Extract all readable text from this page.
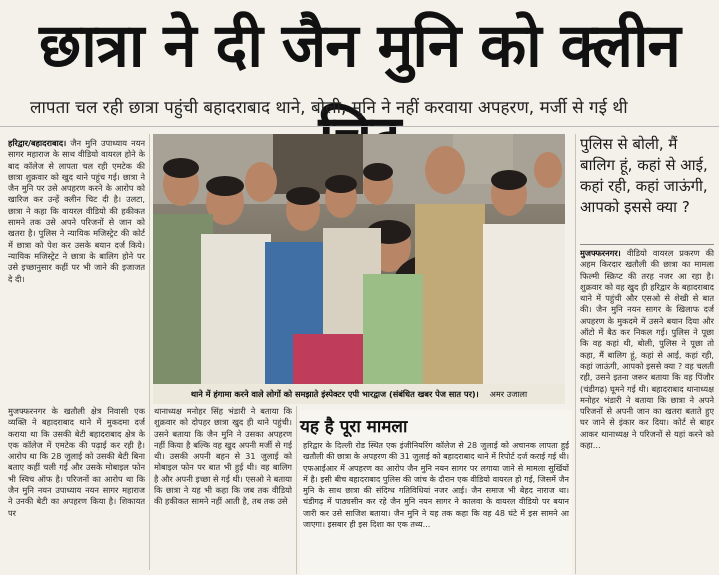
छात्रा ने दी जैन मुनि को क्लीन
लापता चल रही छात्रा पहुंची बहादराबाद थाने, बोली, मुनि ने नहीं करवाया अपहरण, मर्जी से गई थी
हरिद्वार/बहादराबाद। जैन मुनि उपाध्याय नयन सागर महाराज के साथ वीडियो वायरल होने के बाद कॉलेज से लापता चल रही एमटेक की छात्रा शुक्रवार को खुद थाने पहुंच गई। छात्रा ने जैन मुनि पर उसे अपहरण करने के आरोप को खारिज कर उन्हें क्लीन चिट दी है। उलटा, छात्रा ने कहा कि वायरल वीडियो की हकीकत सामने तक उसे अपने परिजनों से जान को खतरा है। पुलिस ने न्यायिक मजिस्ट्रेट की कोर्ट में छात्रा को पेश कर उसके बयान दर्ज किये। न्यायिक मजिस्ट्रेट ने छात्रा के बालिग होने पर उसे इच्छानुसार कहीं पर भी जाने की इजाजत दे दी।
थाने में हंगामा करने वाले लोगों को समझाते इंस्पेक्टर एपी भारद्वाज (संबंधित खबर पेज सात पर)। अमर उजाला
मुजफ्फरनगर के खतौली क्षेत्र निवासी एक व्यक्ति ने बहादराबाद थाने में मुकदमा दर्ज कराया था कि उसकी बेटी बहादराबाद क्षेत्र के एक कॉलेज में एमटेक की पढ़ाई कर रही है। आरोप था कि 28 जुलाई को उसकी बेटी बिना बताए कहीं चली गई और उसके मोबाइल फोन भी स्विच ऑफ है। परिजनों का आरोप था कि जैन मुनि नयन उपाध्याय नयन सागर महाराज ने उनकी बेटी का अपहरण किया है। शिकायत पर
थानाध्यक्ष मनोहर सिंह भंडारी ने बताया कि शुक्रवार को दोपहर छात्रा खुद ही थाने पहुंची। उसने बताया कि जैन मुनि ने उसका अपहरण नहीं किया है बल्कि वह खुद अपनी मर्जी से गई थी। उसकी अपनी बहन से 31 जुलाई को मोबाइल फोन पर बात भी हुई थी। वह बालिग है और अपनी इच्छा से गई थी। एसओ ने बताया कि छात्रा ने यह भी कहा कि जब तक वीडियो की हकीकत सामने नहीं आती है, तब तक उसे
यह है पूरा मामला
हरिद्वार के दिल्ली रोड स्थित एक इंजीनियरिंग कॉलेज से 28 जुलाई को अचानक लापता हुई खतौली की छात्रा के अपहरण की 31 जुलाई को बहादराबाद थाने में रिपोर्ट दर्ज कराई गई थी। एफआईआर में अपहरण का आरोप जैन मुनि नयन सागर पर लगाया जाने से मामला सुर्खियों में है। इसी बीच बहादराबाद पुलिस की जांच के दौरान एक वीडियो वायरल हो गई, जिसमें जैन मुनि के साथ छात्रा की संदिग्ध गतिविधियां नजर आई। जैन समाज भी बेहद नाराज था। चंडीगढ़ में पाठ्यसीन कर रहे जैन मुनि नयन सागर ने कालवा के वायरल वीडियो पर बयान जारी कर उसे साजिश बताया। जैन मुनि ने यह तक कहा कि वह 48 घंटे में इस सामने आ जाएगा। इसबार ही इस दिशा का एक तथ्य...
पुलिस से बोली, मैं बालिग हूं, कहां से आई, कहां रही, कहां जाऊंगी, आपको इससे क्या ?
मुजफ्फरनगर। वीडियो वायरल प्रकरण की अहम किरदार खतौली की छात्रा का मामला फिल्मी स्क्रिप्ट की तरह नजर आ रहा है। शुक्रवार को वह खुद ही हरिद्वार के बहादराबाद थाने में पहुंची और एसओ से शेखी से बात की। जैन मुनि नयन सागर के खिलाफ दर्ज अपहरण के मुकदमे में उसने बयान दिया और ऑटो में बैठ कर निकल गई। पुलिस ने पूछा कि वह कहां थी, बोली, पुलिस ने पूछा तो कहा, मैं बालिग हूं, कहां से आई, कहां रही, कहां जाऊंगी, आपको इससे क्या ? वह चलती रही, उसने इतना जरूर बताया कि वह पिंजौर (चंडीगढ़) घूमने गई थी। बहादराबाद थानाध्यक्ष मनोहर भंडारी ने बताया कि छात्रा ने अपने परिजनों से अपनी जान का खतरा बताते हुए घर जाने से इंकार कर दिया। कोर्ट से बाहर आकर थानाध्यक्ष ने परिजनों से यहां करने को कहा...
